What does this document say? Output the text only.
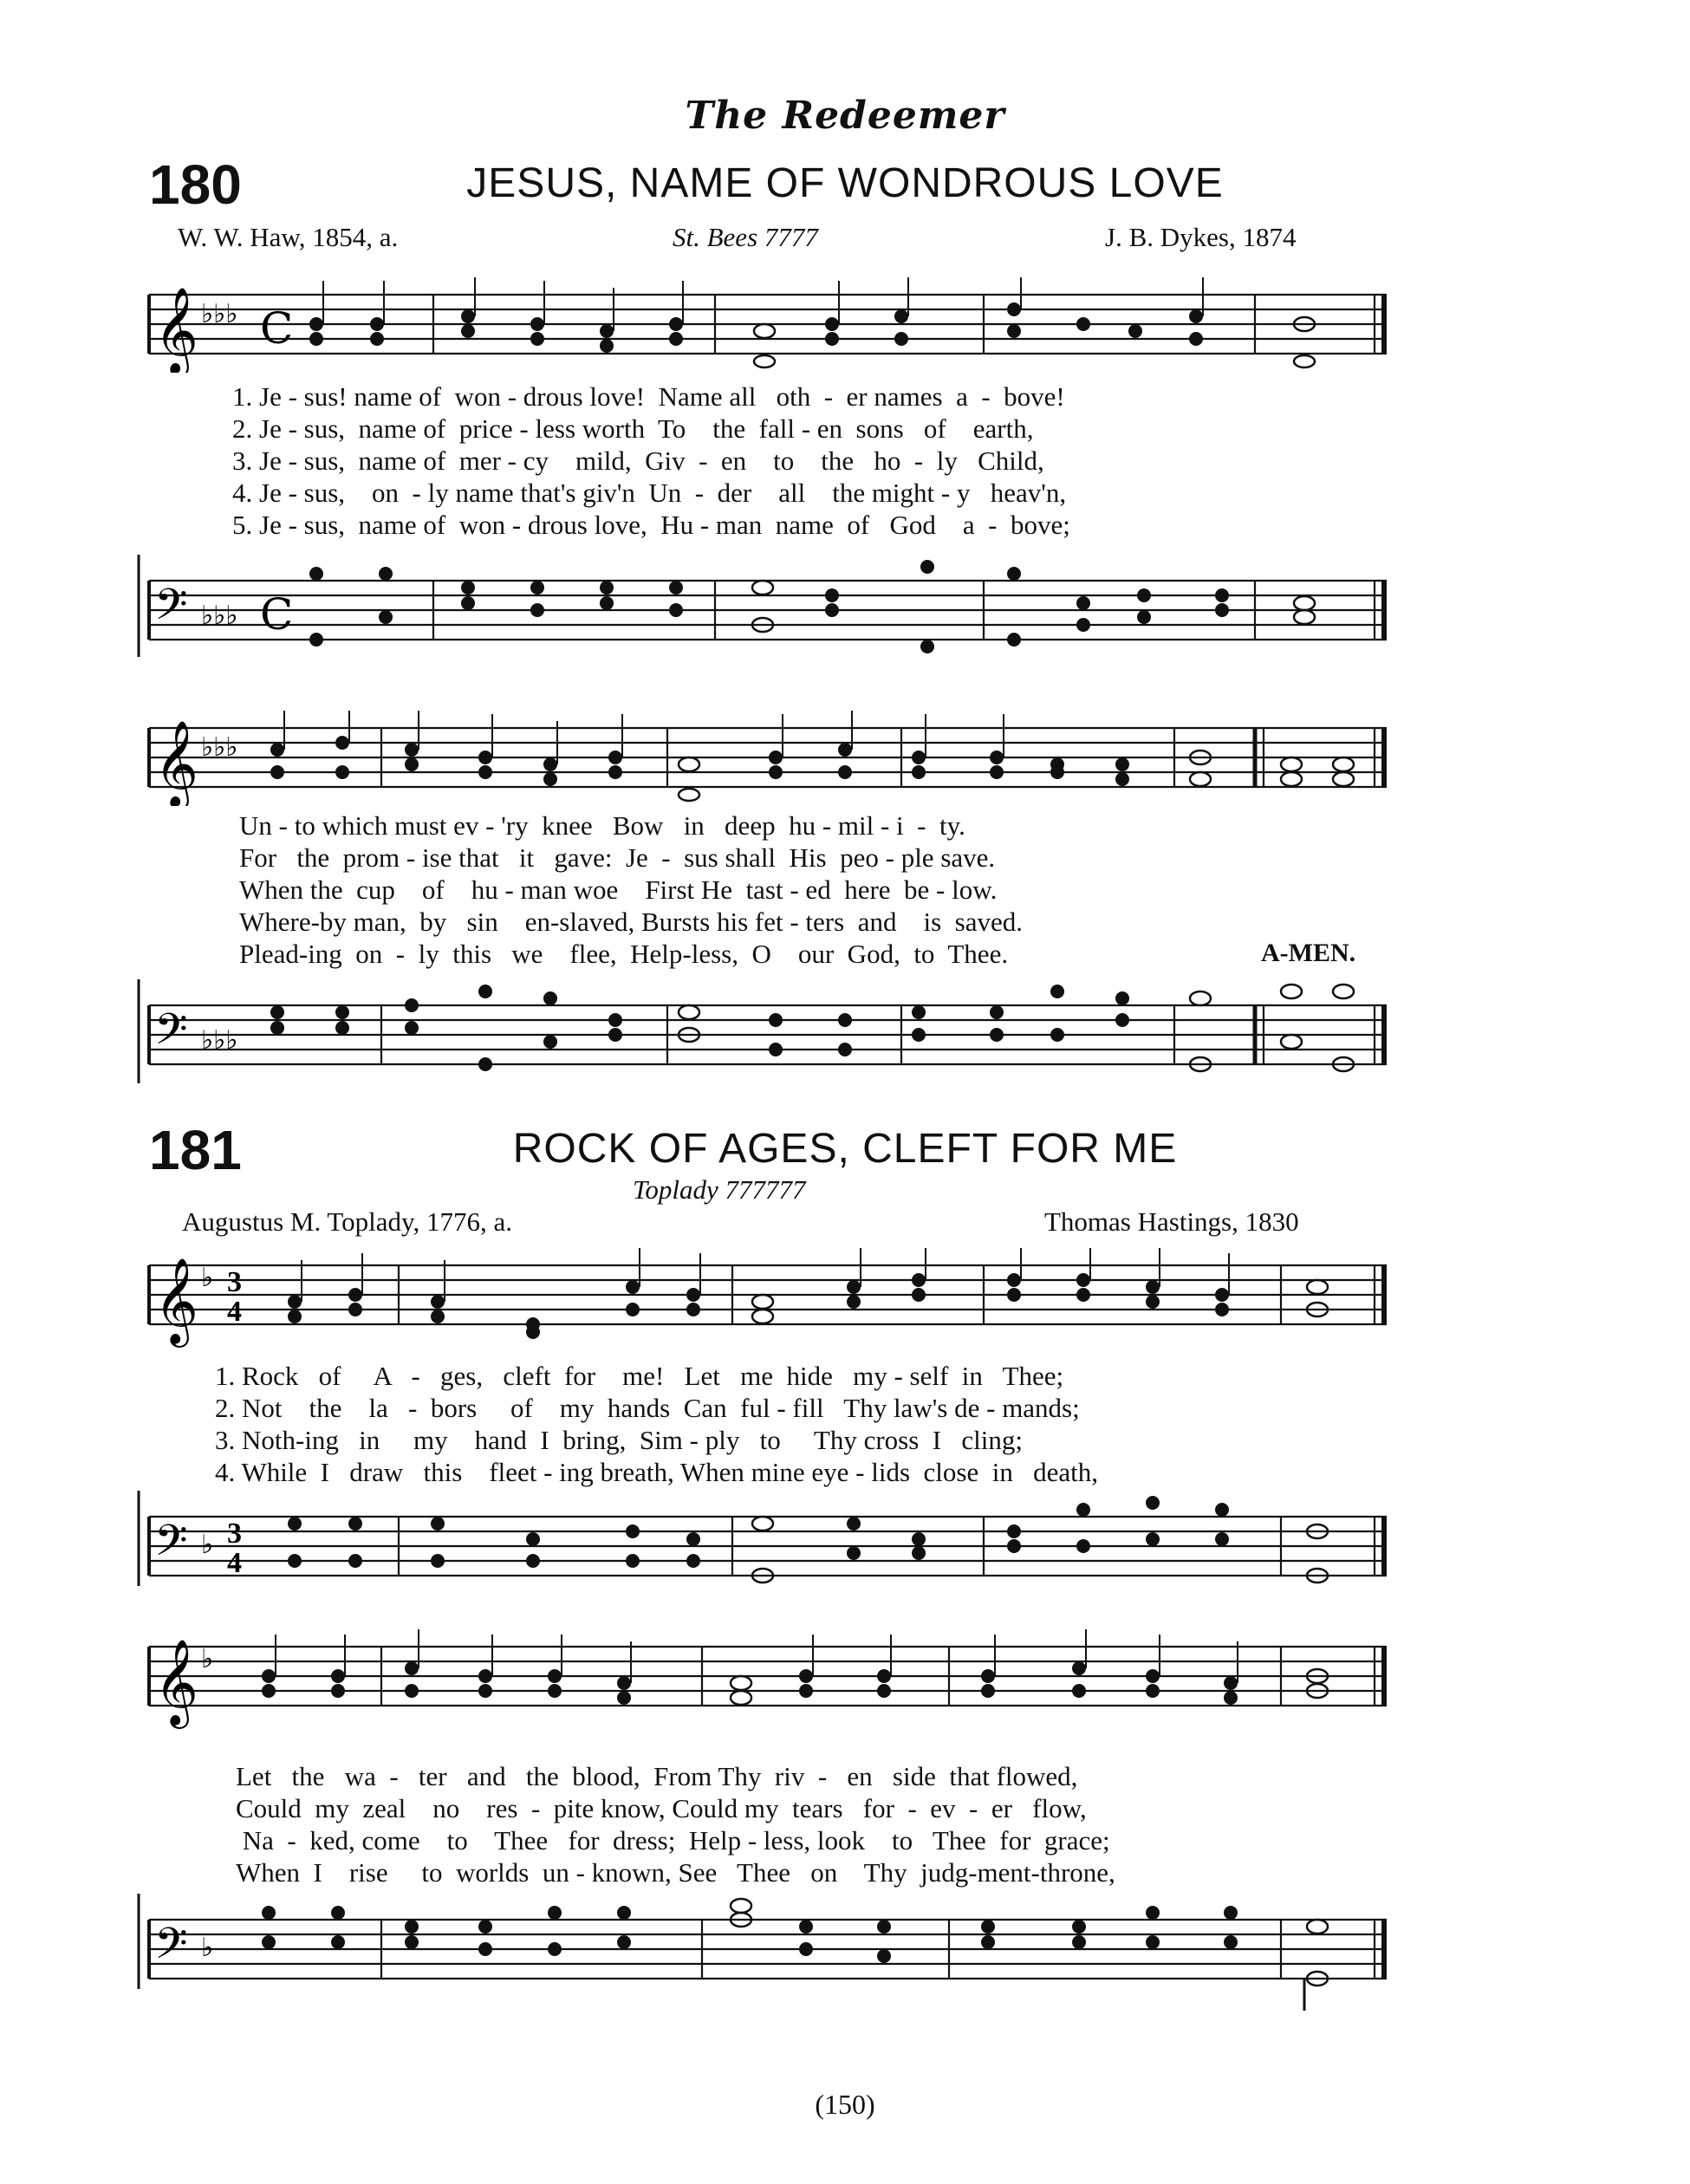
The Redeemer
180	JESUS, NAME OF WONDROUS LOVE
W. W. Haw, 1854, a.	St. Bees 7777	J. B. Dykes, 1874
𝄞 ♭♭♭ C
1. Je - sus! name of  won - drous love!  Name all   oth  -  er names  a  -  bove!
2. Je - sus,  name of  price - less worth  To    the  fall - en  sons   of    earth,
3. Je - sus,  name of  mer - cy    mild,  Giv  -  en    to    the   ho  -  ly   Child,
4. Je - sus,    on  - ly name that's giv'n  Un  -  der    all    the might - y   heav'n,
5. Je - sus,  name of  won - drous love,  Hu - man  name  of   God    a  -  bove;
𝄢 ♭♭♭ C
𝄞 ♭♭♭
Un - to which must ev - 'ry  knee   Bow   in   deep  hu - mil - i  -  ty.
For   the  prom - ise that   it   gave:  Je  -  sus shall  His  peo - ple save.
When the  cup    of    hu - man woe    First He  tast - ed  here  be - low.
Where-by man,  by   sin    en-slaved, Bursts his fet - ters  and    is  saved.
Plead-ing  on  -  ly  this   we    flee,  Help-less,  O    our  God,  to  Thee.	A-MEN.
𝄢 ♭♭♭
181	ROCK OF AGES, CLEFT FOR ME
Toplady 777777
Augustus M. Toplady, 1776, a.	Thomas Hastings, 1830
𝄞 ♭ 3
4
1. Rock   of     A   -   ges,   cleft  for    me!   Let   me  hide   my - self  in   Thee;
2. Not    the    la   -  bors     of    my  hands  Can  ful - fill   Thy law's de - mands;
3. Noth-ing   in     my    hand  I  bring,  Sim - ply   to     Thy cross  I   cling;
4. While  I   draw   this    fleet - ing breath, When mine eye - lids  close  in   death,
𝄢 ♭ 3
4
𝄞 ♭
Let   the   wa  -   ter   and   the  blood,  From Thy  riv  -   en   side  that flowed,
Could  my  zeal    no    res  -  pite know, Could my  tears   for  -  ev  -  er   flow,
Na  -  ked, come    to    Thee   for  dress;  Help - less, look    to   Thee  for  grace;
When  I    rise     to  worlds  un - known, See   Thee   on    Thy  judg-ment-throne,
𝄢 ♭
(150)
